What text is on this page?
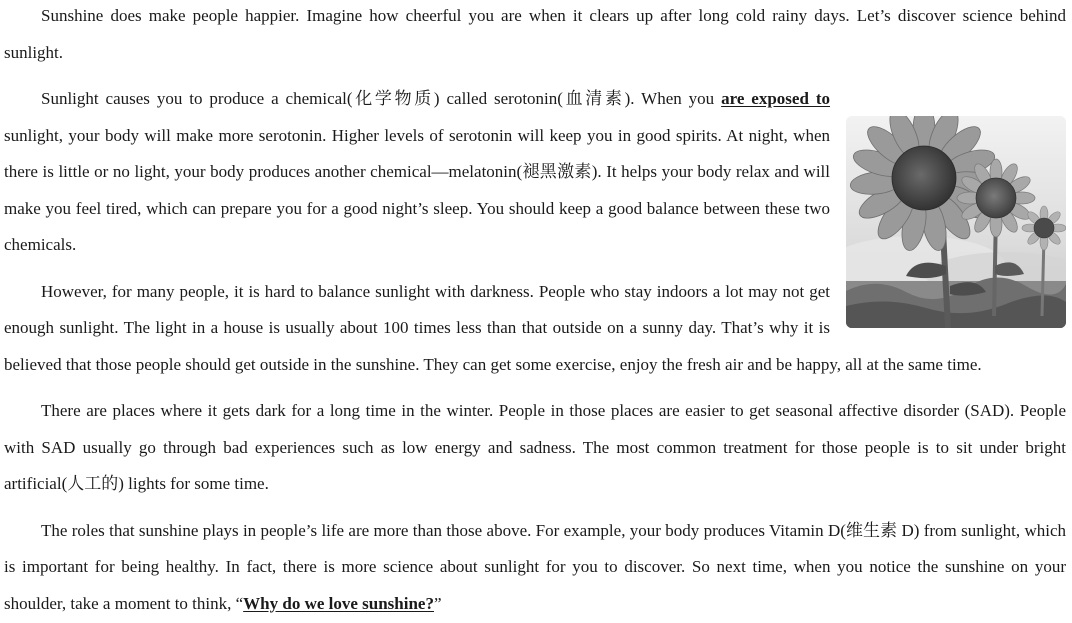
Sunshine does make people happier. Imagine how cheerful you are when it clears up after long cold rainy days. Let’s discover science behind sunlight.

Sunlight causes you to produce a chemical(化学物质) called serotonin(血清素). When you are exposed to sunlight, your body will make more serotonin. Higher levels of serotonin will keep you in good spirits. At night, when there is little or no light, your body produces another chemical—melatonin(褪黑激素). It helps your body relax and will make you feel tired, which can prepare you for a good night’s sleep. You should keep a good balance between these two chemicals.

However, for many people, it is hard to balance sunlight with darkness. People who stay indoors a lot may not get enough sunlight. The light in a house is usually about 100 times less than that outside on a sunny day. That’s why it is believed that those people should get outside in the sunshine. They can get some exercise, enjoy the fresh air and be happy, all at the same time.

There are places where it gets dark for a long time in the winter. People in those places are easier to get seasonal affective disorder (SAD). People with SAD usually go through bad experiences such as low energy and sadness. The most common treatment for those people is to sit under bright artificial(人工的) lights for some time.

The roles that sunshine plays in people’s life are more than those above. For example, your body produces Vitamin D(维生素 D) from sunlight, which is important for being healthy. In fact, there is more science about sunlight for you to discover. So next time, when you notice the sunshine on your shoulder, take a moment to think, “Why do we love sunshine?”
